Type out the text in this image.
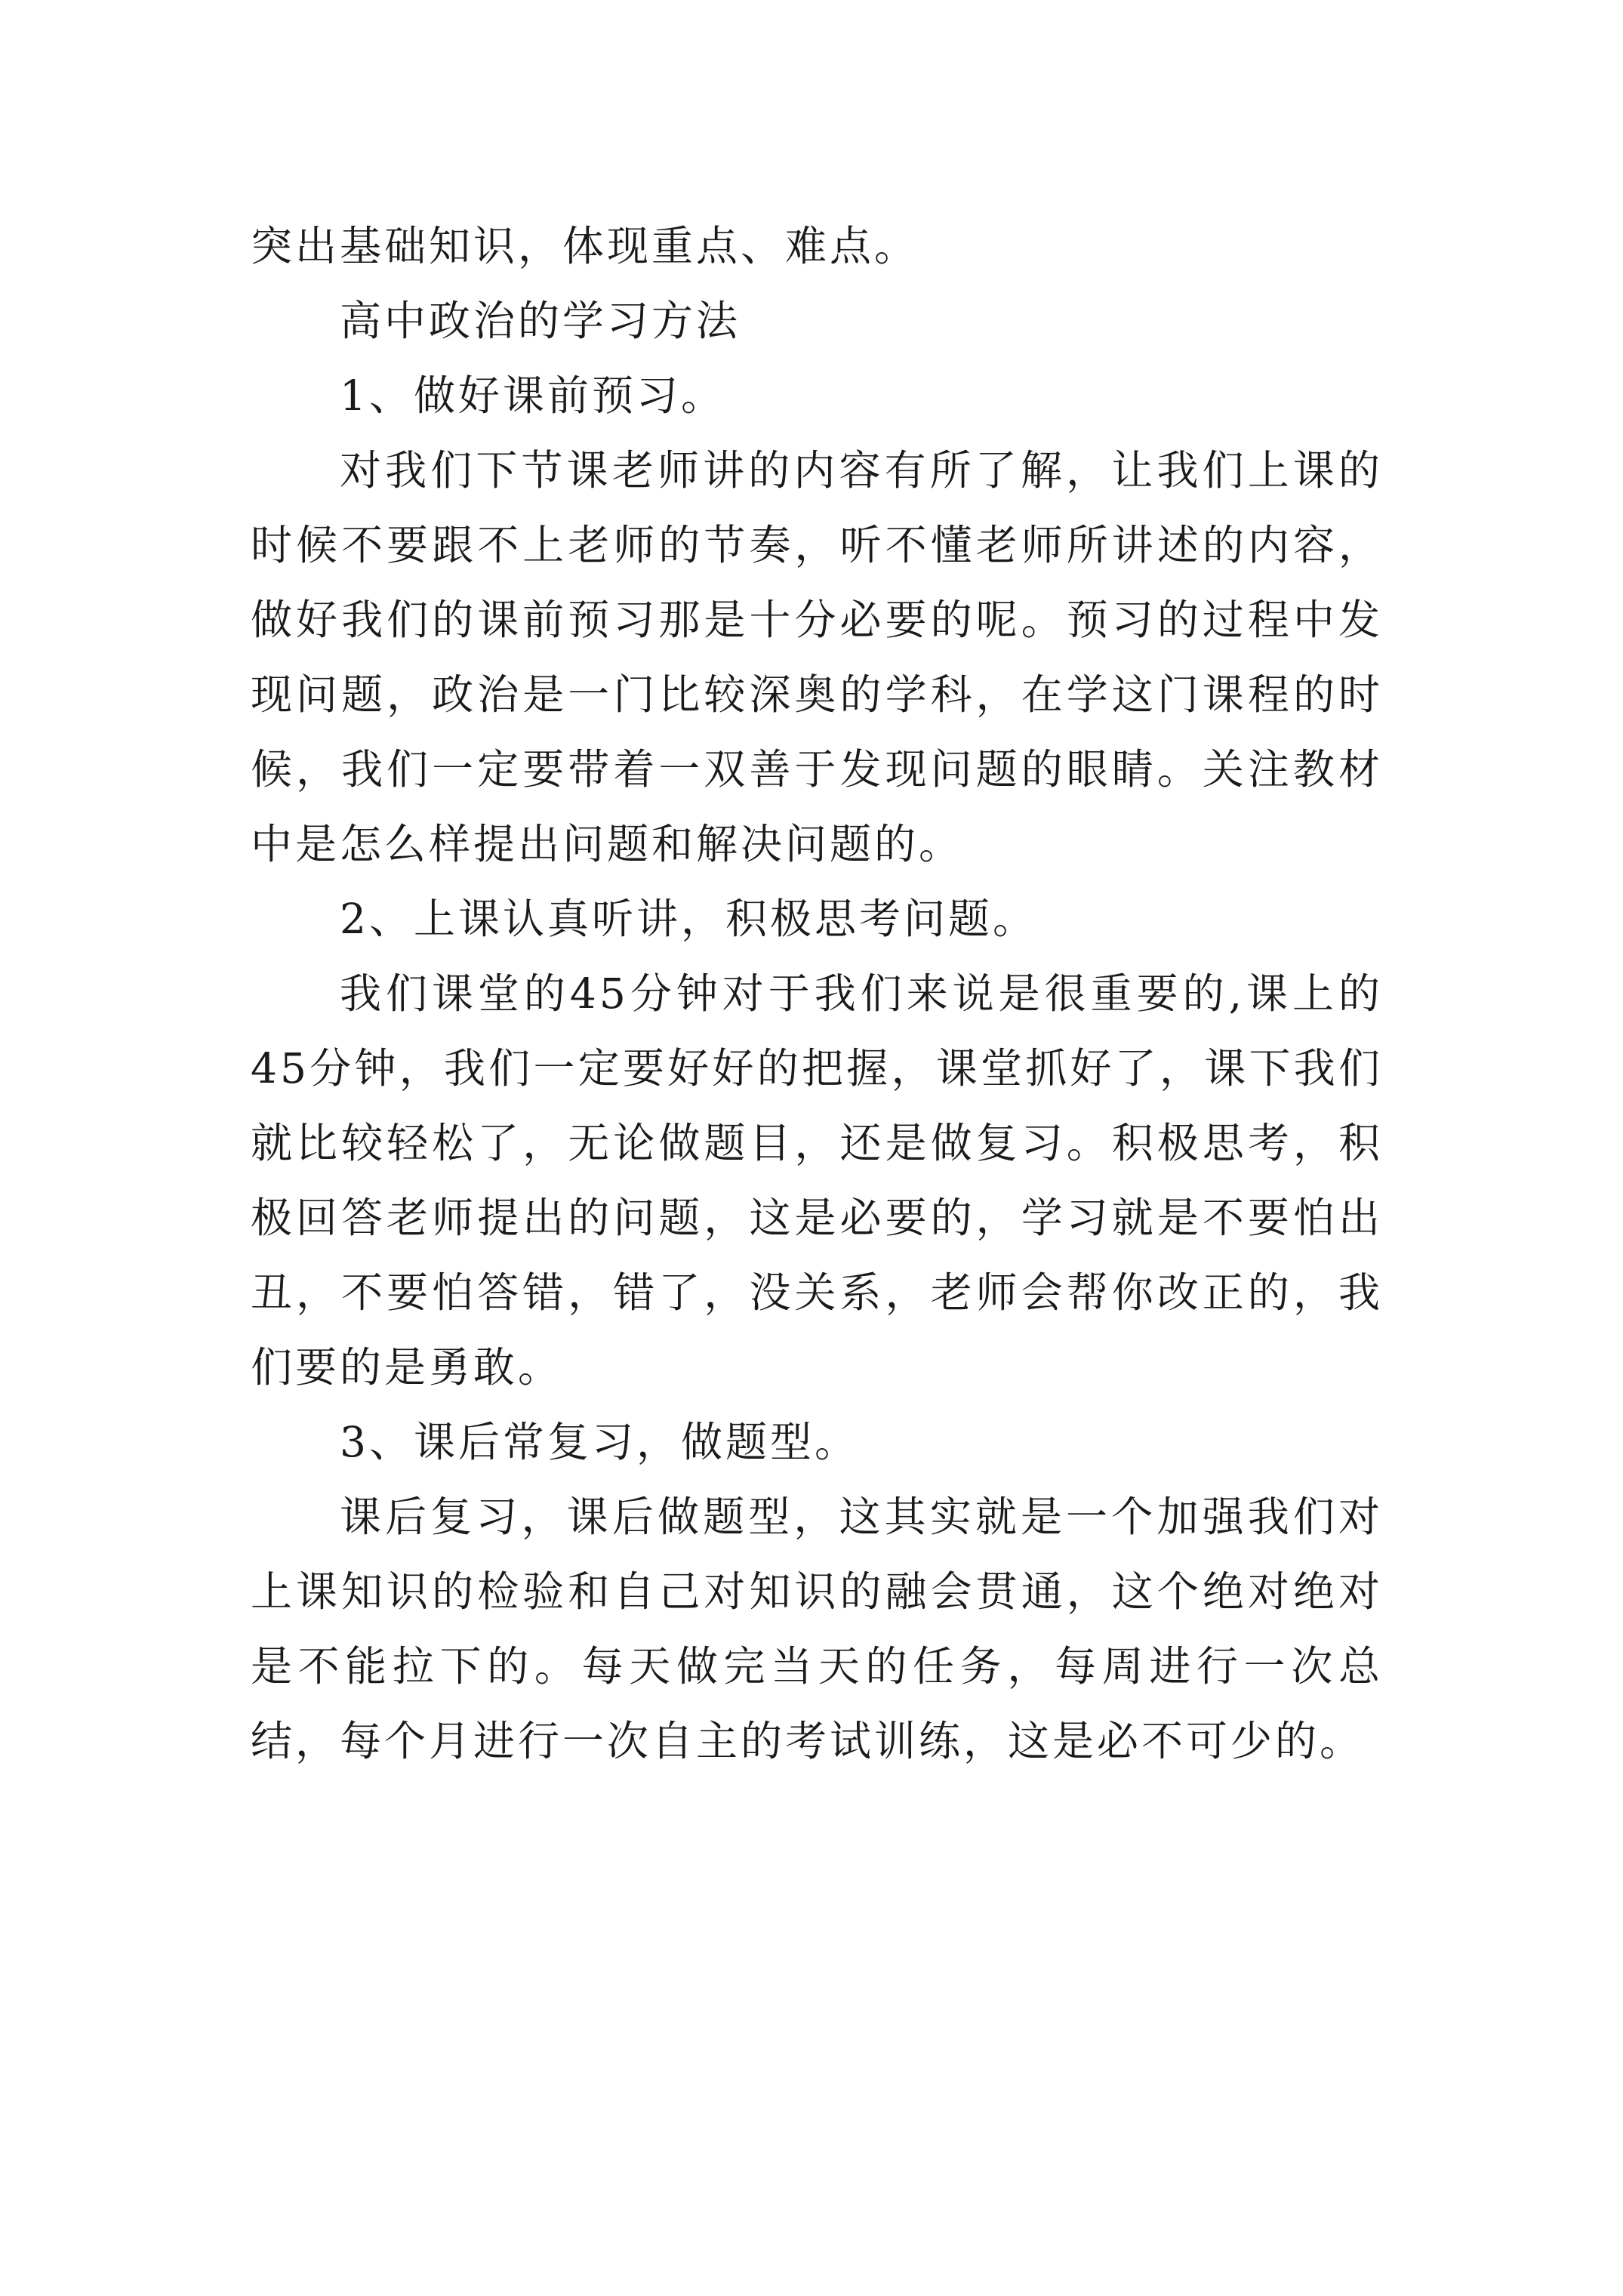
突出基础知识，体现重点、难点。

高中政治的学习方法

1、做好课前预习。

对我们下节课老师讲的内容有所了解，让我们上课的时候不要跟不上老师的节奏，听不懂老师所讲述的内容，做好我们的课前预习那是十分必要的呢。预习的过程中发现问题，政治是一门比较深奥的学科，在学这门课程的时候，我们一定要带着一双善于发现问题的眼睛。关注教材中是怎么样提出问题和解决问题的。

2、上课认真听讲，积极思考问题。

我们课堂的45分钟对于我们来说是很重要的,课上的45分钟，我们一定要好好的把握，课堂抓好了，课下我们就比较轻松了，无论做题目，还是做复习。积极思考，积极回答老师提出的问题，这是必要的，学习就是不要怕出丑，不要怕答错，错了，没关系，老师会帮你改正的，我们要的是勇敢。

3、课后常复习，做题型。

课后复习，课后做题型，这其实就是一个加强我们对上课知识的检验和自己对知识的融会贯通，这个绝对绝对是不能拉下的。每天做完当天的任务，每周进行一次总结，每个月进行一次自主的考试训练，这是必不可少的。
